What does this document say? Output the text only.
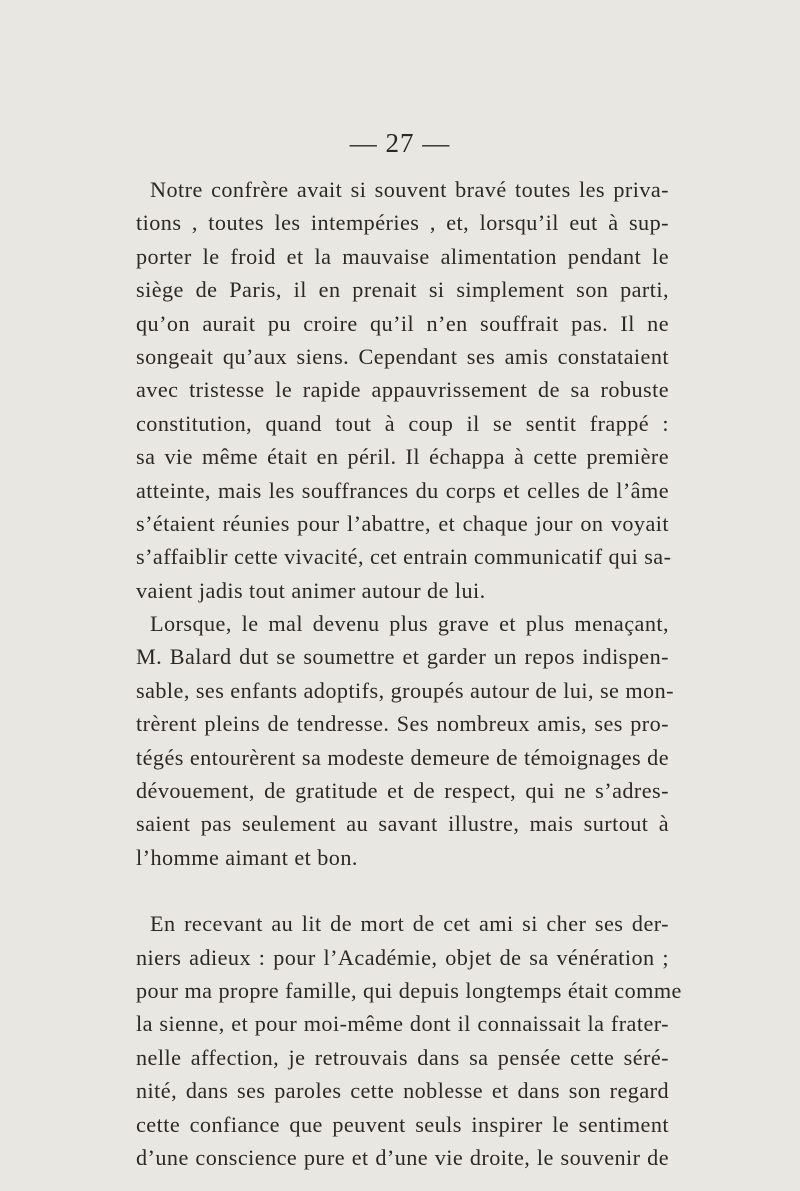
— 27 —
Notre confrère avait si souvent bravé toutes les priva-
tions , toutes les intempéries , et, lorsqu’il eut à sup-
porter le froid et la mauvaise alimentation pendant le
siège de Paris, il en prenait si simplement son parti,
qu’on aurait pu croire qu’il n’en souffrait pas. Il ne
songeait qu’aux siens. Cependant ses amis constataient
avec tristesse le rapide appauvrissement de sa robuste
constitution, quand tout à coup il se sentit frappé :
sa vie même était en péril. Il échappa à cette première
atteinte, mais les souffrances du corps et celles de l’âme
s’étaient réunies pour l’abattre, et chaque jour on voyait
s’affaiblir cette vivacité, cet entrain communicatif qui sa-
vaient jadis tout animer autour de lui.
Lorsque, le mal devenu plus grave et plus menaçant,
M. Balard dut se soumettre et garder un repos indispen-
sable, ses enfants adoptifs, groupés autour de lui, se mon-
trèrent pleins de tendresse. Ses nombreux amis, ses pro-
tégés entourèrent sa modeste demeure de témoignages de
dévouement, de gratitude et de respect, qui ne s’adres-
saient pas seulement au savant illustre, mais surtout à
l’homme aimant et bon.
En recevant au lit de mort de cet ami si cher ses der-
niers adieux : pour l’Académie, objet de sa vénération ;
pour ma propre famille, qui depuis longtemps était comme
la sienne, et pour moi-même dont il connaissait la frater-
nelle affection, je retrouvais dans sa pensée cette séré-
nité, dans ses paroles cette noblesse et dans son regard
cette confiance que peuvent seuls inspirer le sentiment
d’une conscience pure et d’une vie droite, le souvenir de
